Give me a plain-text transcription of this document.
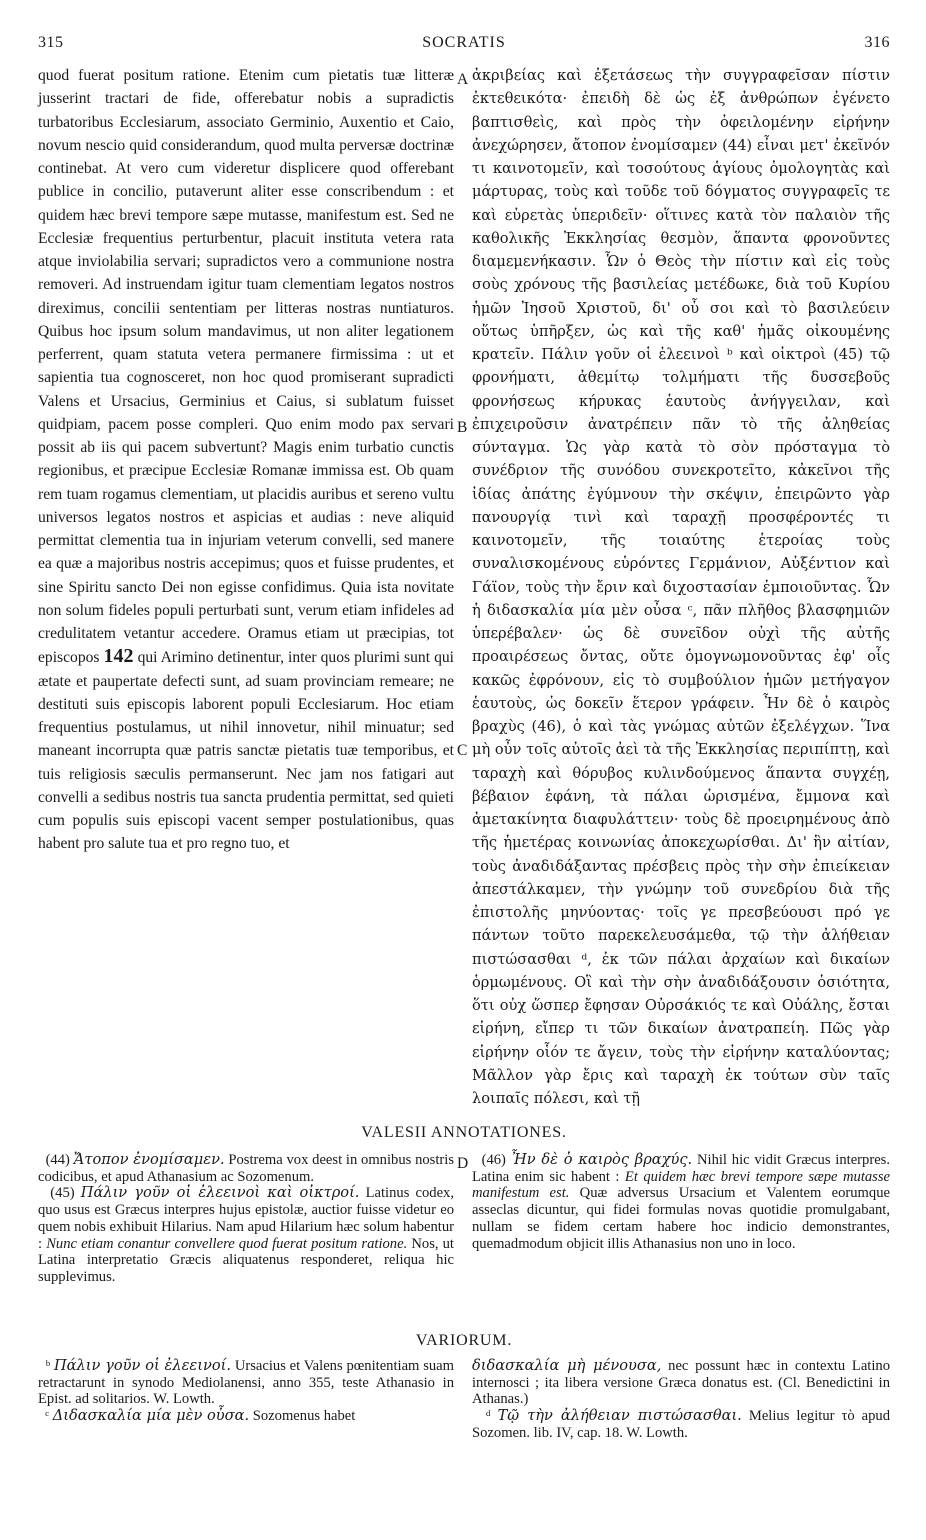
315	SOCRATIS	316

quod fuerat positum ratione. Etenim cum pietatis tuæ litteræ jusserint tractari de fide, offerebatur nobis a supradictis turbatoribus Ecclesiarum, associato Germinio, Auxentio et Caio, novum nescio quid considerandum, quod multa perversæ doctrinæ continebat. At vero cum videretur displicere quod offerebant publice in concilio, putaverunt aliter esse conscribendum : et quidem hæc brevi tempore sæpe mutasse, manifestum est. Sed ne Ecclesiæ frequentius perturbentur, placuit instituta vetera rata atque inviolabilia servari; supradictos vero a communione nostra removeri. Ad instruendam igitur tuam clementiam legatos nostros direximus, concilii sententiam per litteras nostras nuntiaturos. Quibus hoc ipsum solum mandavimus, ut non aliter legationem perferrent, quam statuta vetera permanere firmissima : ut et sapientia tua cognosceret, non hoc quod promiserant supradicti Valens et Ursacius, Germinius et Caius, si sublatum fuisset quidpiam, pacem posse compleri. Quo enim modo pax servari possit ab iis qui pacem subvertunt? Magis enim turbatio cunctis regionibus, et præcipue Ecclesiæ Romanæ immissa est. Ob quam rem tuam rogamus clementiam, ut placidis auribus et sereno vultu universos legatos nostros et aspicias et audias : neve aliquid permittat clementia tua in injuriam veterum convelli, sed manere ea quæ a majoribus nostris accepimus; quos et fuisse prudentes, et sine Spiritu sancto Dei non egisse confidimus. Quia ista novitate non solum fideles populi perturbati sunt, verum etiam infideles ad credulitatem vetantur accedere. Oramus etiam ut præcipias, tot episcopos 142 qui Arimino detinentur, inter quos plurimi sunt qui ætate et paupertate defecti sunt, ad suam provinciam remeare; ne destituti suis episcopis laborent populi Ecclesiarum. Hoc etiam frequentius postulamus, ut nihil innovetur, nihil minuatur; sed maneant incorrupta quæ patris sanctæ pietatis tuæ temporibus, et tuis religiosis sæculis permanserunt. Nec jam nos fatigari aut convelli a sedibus nostris tua sancta prudentia permittat, sed quieti cum populis suis episcopi vacent semper postulationibus, quas habent pro salute tua et pro regno tuo, et

A
B
C
D

ἀκριβείας καὶ ἐξετάσεως τὴν συγγραφεῖσαν πίστιν ἐκτεθεικότα· ἐπειδὴ δὲ ὡς ἐξ ἀνθρώπων ἐγένετο βαπτισθεὶς, καὶ πρὸς τὴν ὀφειλομένην εἰρήνην ἀνεχώρησεν, ἄτοπον ἐνομίσαμεν (44) εἶναι μετ' ἐκεῖνόν τι καινοτομεῖν, καὶ τοσούτους ἁγίους ὁμολογητὰς καὶ μάρτυρας, τοὺς καὶ τοῦδε τοῦ δόγματος συγγραφεῖς τε καὶ εὑρετὰς ὑπεριδεῖν· οἵτινες κατὰ τὸν παλαιὸν τῆς καθολικῆς Ἐκκλησίας θεσμὸν, ἅπαντα φρονοῦντες διαμεμενήκασιν. Ὧν ὁ Θεὸς τὴν πίστιν καὶ εἰς τοὺς σοὺς χρόνους τῆς βασιλείας μετέδωκε, διὰ τοῦ Κυρίου ἡμῶν Ἰησοῦ Χριστοῦ, δι' οὗ σοι καὶ τὸ βασιλεύειν οὕτως ὑπῆρξεν, ὡς καὶ τῆς καθ' ἡμᾶς οἰκουμένης κρατεῖν. Πάλιν γοῦν οἱ ἐλεεινοὶ ᵇ καὶ οἰκτροὶ (45) τῷ φρονήματι, ἀθεμίτῳ τολμήματι τῆς δυσσεβοῦς φρονήσεως κήρυκας ἑαυτοὺς ἀνήγγειλαν, καὶ ἐπιχειροῦσιν ἀνατρέπειν πᾶν τὸ τῆς ἀληθείας σύνταγμα. Ὡς γὰρ κατὰ τὸ σὸν πρόσταγμα τὸ συνέδριον τῆς συνόδου συνεκροτεῖτο, κἀκεῖνοι τῆς ἰδίας ἀπάτης ἐγύμνουν τὴν σκέψιν, ἐπειρῶντο γὰρ πανουργίᾳ τινὶ καὶ ταραχῇ προσφέροντές τι καινοτομεῖν, τῆς τοιαύτης ἑτεροίας τοὺς συναλισκομένους εὑρόντες Γερμάνιον, Αὐξέντιον καὶ Γάϊον, τοὺς τὴν ἔριν καὶ διχοστασίαν ἐμποιοῦντας. Ὧν ἡ διδασκαλία μία μὲν οὖσα ᶜ, πᾶν πλῆθος βλασφημιῶν ὑπερέβαλεν· ὡς δὲ συνεῖδον οὐχὶ τῆς αὐτῆς προαιρέσεως ὄντας, οὔτε ὁμογνωμονοῦντας ἐφ' οἷς κακῶς ἐφρόνουν, εἰς τὸ συμβούλιον ἡμῶν μετήγαγον ἑαυτοὺς, ὡς δοκεῖν ἕτερον γράφειν. Ἦν δὲ ὁ καιρὸς βραχὺς (46), ὁ καὶ τὰς γνώμας αὐτῶν ἐξελέγχων. Ἵνα μὴ οὖν τοῖς αὐτοῖς ἀεὶ τὰ τῆς Ἐκκλησίας περιπίπτῃ, καὶ ταραχὴ καὶ θόρυβος κυλινδούμενος ἅπαντα συγχέῃ, βέβαιον ἐφάνη, τὰ πάλαι ὡρισμένα, ἔμμονα καὶ ἀμετακίνητα διαφυλάττειν· τοὺς δὲ προειρημένους ἀπὸ τῆς ἡμετέρας κοινωνίας ἀποκεχωρίσθαι. Δι' ἣν αἰτίαν, τοὺς ἀναδιδάξαντας πρέσβεις πρὸς τὴν σὴν ἐπιείκειαν ἀπεστάλκαμεν, τὴν γνώμην τοῦ συνεδρίου διὰ τῆς ἐπιστολῆς μηνύοντας· τοῖς γε πρεσβεύουσι πρό γε πάντων τοῦτο παρεκελευσάμεθα, τῷ τὴν ἀλήθειαν πιστώσασθαι ᵈ, ἐκ τῶν πάλαι ἀρχαίων καὶ δικαίων ὁρμωμένους. Οἳ καὶ τὴν σὴν ἀναδιδάξουσιν ὁσιότητα, ὅτι οὐχ ὥσπερ ἔφησαν Οὐρσάκιός τε καὶ Οὐάλης, ἔσται εἰρήνη, εἴπερ τι τῶν δικαίων ἀνατραπείη. Πῶς γὰρ εἰρήνην οἷόν τε ἄγειν, τοὺς τὴν εἰρήνην καταλύοντας; Μᾶλλον γὰρ ἔρις καὶ ταραχὴ ἐκ τούτων σὺν ταῖς λοιπαῖς πόλεσι, καὶ τῇ

VALESII ANNOTATIONES.

(44) Ἄτοπον ἐνομίσαμεν. Postrema vox deest in omnibus nostris codicibus, et apud Athanasium ac Sozomenum.

(45) Πάλιν γοῦν οἱ ἐλεεινοὶ καὶ οἰκτροί. Latinus codex, quo usus est Græcus interpres hujus epistolæ, auctior fuisse videtur eo quem nobis exhibuit Hilarius. Nam apud Hilarium hæc solum habentur : Nunc etiam conantur convellere quod fuerat positum ratione. Nos, ut Latina interpretatio Græcis aliquatenus responderet, reliqua hic supplevimus.

(46) Ἦν δὲ ὁ καιρὸς βραχύς. Nihil hic vidit Græcus interpres. Latina enim sic habent : Et quidem hæc brevi tempore sæpe mutasse manifestum est. Quæ adversus Ursacium et Valentem eorumque asseclas dicuntur, qui fidei formulas novas quotidie promulgabant, nullam se fidem certam habere hoc indicio demonstrantes, quemadmodum objicit illis Athanasius non uno in loco.

VARIORUM.

ᵇ Πάλιν γοῦν οἱ ἐλεεινοί. Ursacius et Valens pœnitentiam suam retractarunt in synodo Mediolanensi, anno 355, teste Athanasio in Epist. ad solitarios. W. Lowth.

ᶜ Διδασκαλία μία μὲν οὖσα. Sozomenus habet

διδασκαλία μὴ μένουσα, nec possunt hæc in contextu Latino internosci ; ita libera versione Græca donatus est. (Cl. Benedictini in Athanas.)

ᵈ Τῷ τὴν ἀλήθειαν πιστώσασθαι. Melius legitur τὸ apud Sozomen. lib. IV, cap. 18. W. Lowth.
